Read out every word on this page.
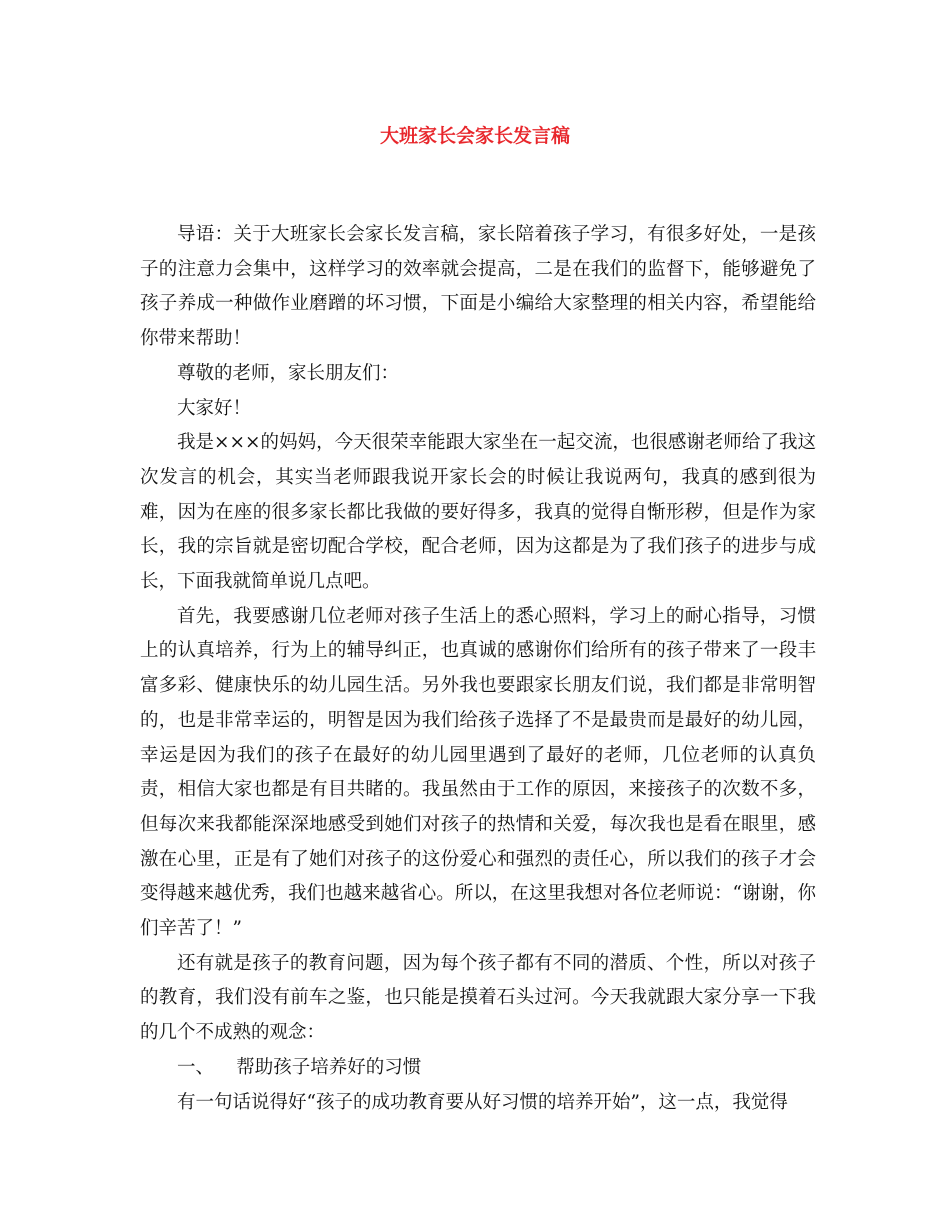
大班家长会家长发言稿

导语：关于大班家长会家长发言稿，家长陪着孩子学习，有很多好处，一是孩子的注意力会集中，这样学习的效率就会提高，二是在我们的监督下，能够避免了孩子养成一种做作业磨蹭的坏习惯，下面是小编给大家整理的相关内容，希望能给你带来帮助！

尊敬的老师，家长朋友们：

大家好！

我是×××的妈妈，今天很荣幸能跟大家坐在一起交流，也很感谢老师给了我这次发言的机会，其实当老师跟我说开家长会的时候让我说两句，我真的感到很为难，因为在座的很多家长都比我做的要好得多，我真的觉得自惭形秽，但是作为家长，我的宗旨就是密切配合学校，配合老师，因为这都是为了我们孩子的进步与成长，下面我就简单说几点吧。

首先，我要感谢几位老师对孩子生活上的悉心照料，学习上的耐心指导，习惯上的认真培养，行为上的辅导纠正，也真诚的感谢你们给所有的孩子带来了一段丰富多彩、健康快乐的幼儿园生活。另外我也要跟家长朋友们说，我们都是非常明智的，也是非常幸运的，明智是因为我们给孩子选择了不是最贵而是最好的幼儿园，幸运是因为我们的孩子在最好的幼儿园里遇到了最好的老师，几位老师的认真负责，相信大家也都是有目共睹的。我虽然由于工作的原因，来接孩子的次数不多，但每次来我都能深深地感受到她们对孩子的热情和关爱，每次我也是看在眼里，感激在心里，正是有了她们对孩子的这份爱心和强烈的责任心，所以我们的孩子才会变得越来越优秀，我们也越来越省心。所以，在这里我想对各位老师说：“谢谢，你们辛苦了！”

还有就是孩子的教育问题，因为每个孩子都有不同的潜质、个性，所以对孩子的教育，我们没有前车之鉴，也只能是摸着石头过河。今天我就跟大家分享一下我的几个不成熟的观念：

一、 帮助孩子培养好的习惯

有一句话说得好“孩子的成功教育要从好习惯的培养开始”，这一点，我觉得
